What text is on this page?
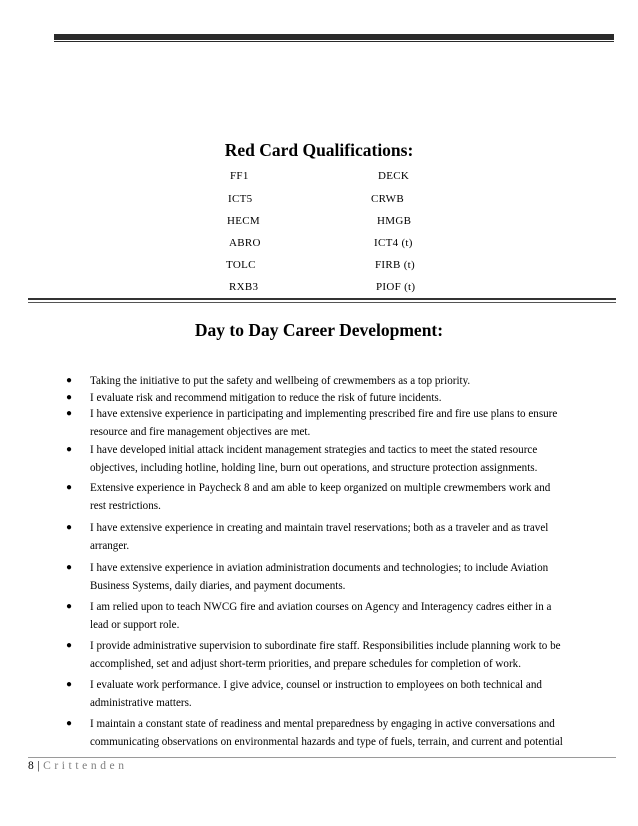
Red Card Qualifications:
FF1
ICT5
HECM
ABRO
TOLC
RXB3
DECK
CRWB
HMGB
ICT4 (t)
FIRB (t)
PIOF (t)
Day to Day Career Development:
● Taking the initiative to put the safety and wellbeing of crewmembers as a top priority.
● I evaluate risk and recommend mitigation to reduce the risk of future incidents.
● I have extensive experience in participating and implementing prescribed fire and fire use plans to ensure
resource and fire management objectives are met.
● I have developed initial attack incident management strategies and tactics to meet the stated resource
objectives, including hotline, holding line, burn out operations, and structure protection assignments.
● Extensive experience in Paycheck 8 and am able to keep organized on multiple crewmembers work and
rest restrictions.
● I have extensive experience in creating and maintain travel reservations; both as a traveler and as travel
arranger.
● I have extensive experience in aviation administration documents and technologies; to include Aviation
Business Systems, daily diaries, and payment documents.
● I am relied upon to teach NWCG fire and aviation courses on Agency and Interagency cadres either in a
lead or support role.
● I provide administrative supervision to subordinate fire staff. Responsibilities include planning work to be
accomplished, set and adjust short-term priorities, and prepare schedules for completion of work.
● I evaluate work performance. I give advice, counsel or instruction to employees on both technical and
administrative matters.
● I maintain a constant state of readiness and mental preparedness by engaging in active conversations and
communicating observations on environmental hazards and type of fuels, terrain, and current and potential
8 | Crittenden
